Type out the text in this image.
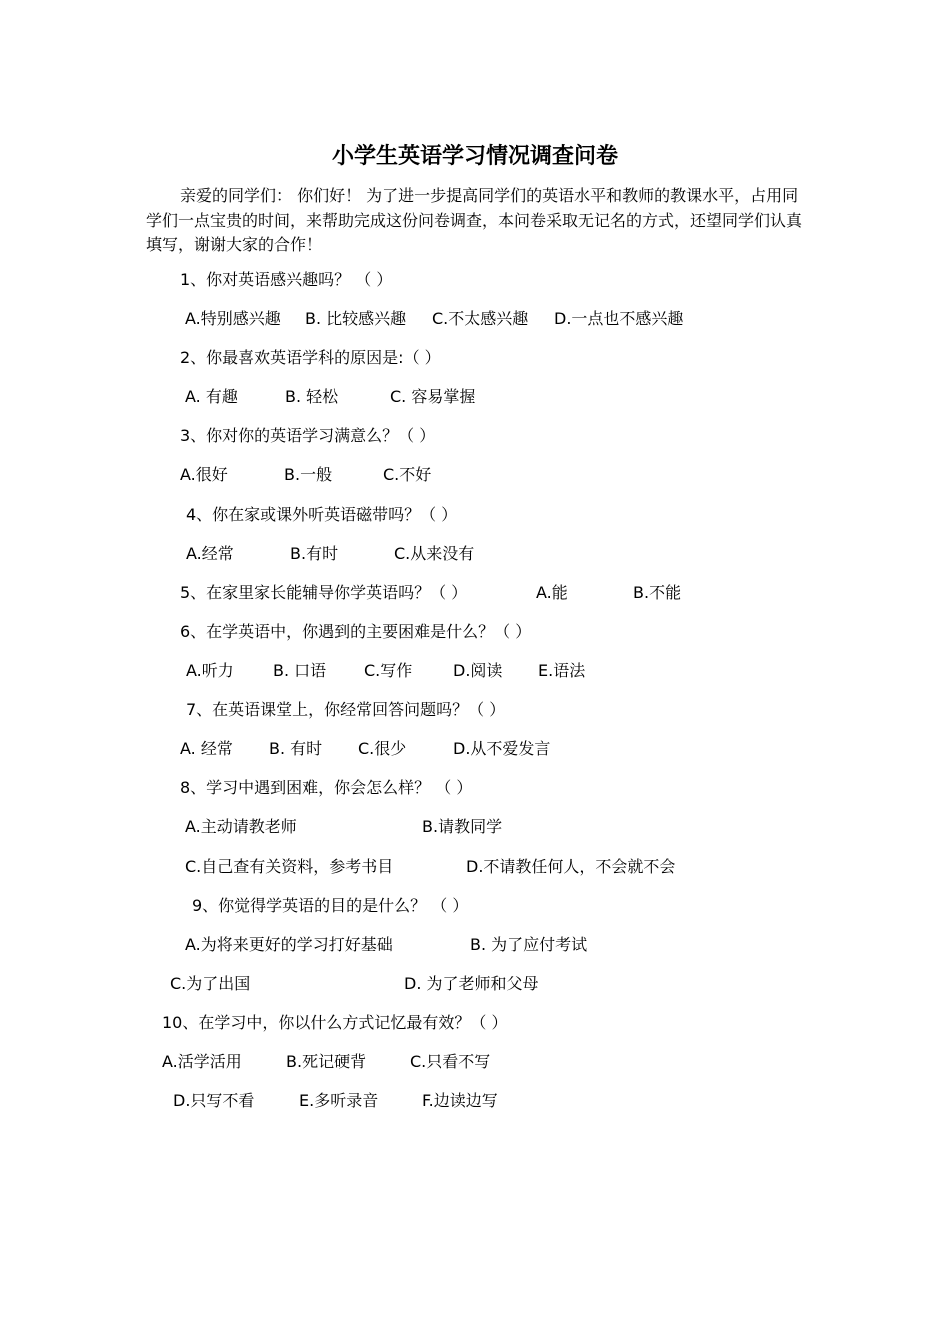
小学生英语学习情况调查问卷

亲爱的同学们： 你们好！ 为了进一步提高同学们的英语水平和教师的教课水平，占用同学们一点宝贵的时间，来帮助完成这份问卷调查，本问卷采取无记名的方式，还望同学们认真填写，谢谢大家的合作！

1、你对英语感兴趣吗？ （ ）
A.特别感兴趣 B. 比较感兴趣 C.不太感兴趣 D.一点也不感兴趣
2、你最喜欢英语学科的原因是:（ ）
A. 有趣	B. 轻松	C. 容易掌握
3、你对你的英语学习满意么？（ ）
A.很好	B.一般	C.不好
4、你在家或课外听英语磁带吗？（ ）
A.经常	B.有时	C.从来没有
5、在家里家长能辅导你学英语吗？（ ）	A.能	B.不能
6、在学英语中，你遇到的主要困难是什么？（ ）
A.听力 B. 口语 C.写作	D.阅读 E.语法
7、在英语课堂上，你经常回答问题吗？（ ）
A. 经常 B. 有时 C.很少	D.从不爱发言
8、学习中遇到困难，你会怎么样？ （ ）
A.主动请教老师	B.请教同学
C.自己查有关资料，参考书目	D.不请教任何人，不会就不会
9、你觉得学英语的目的是什么？ （ ）
A.为将来更好的学习打好基础	B. 为了应付考试
C.为了出国	D. 为了老师和父母
10、在学习中，你以什么方式记忆最有效？（ ）
A.活学活用	B.死记硬背	C.只看不写
D.只写不看	E.多听录音	F.边读边写
